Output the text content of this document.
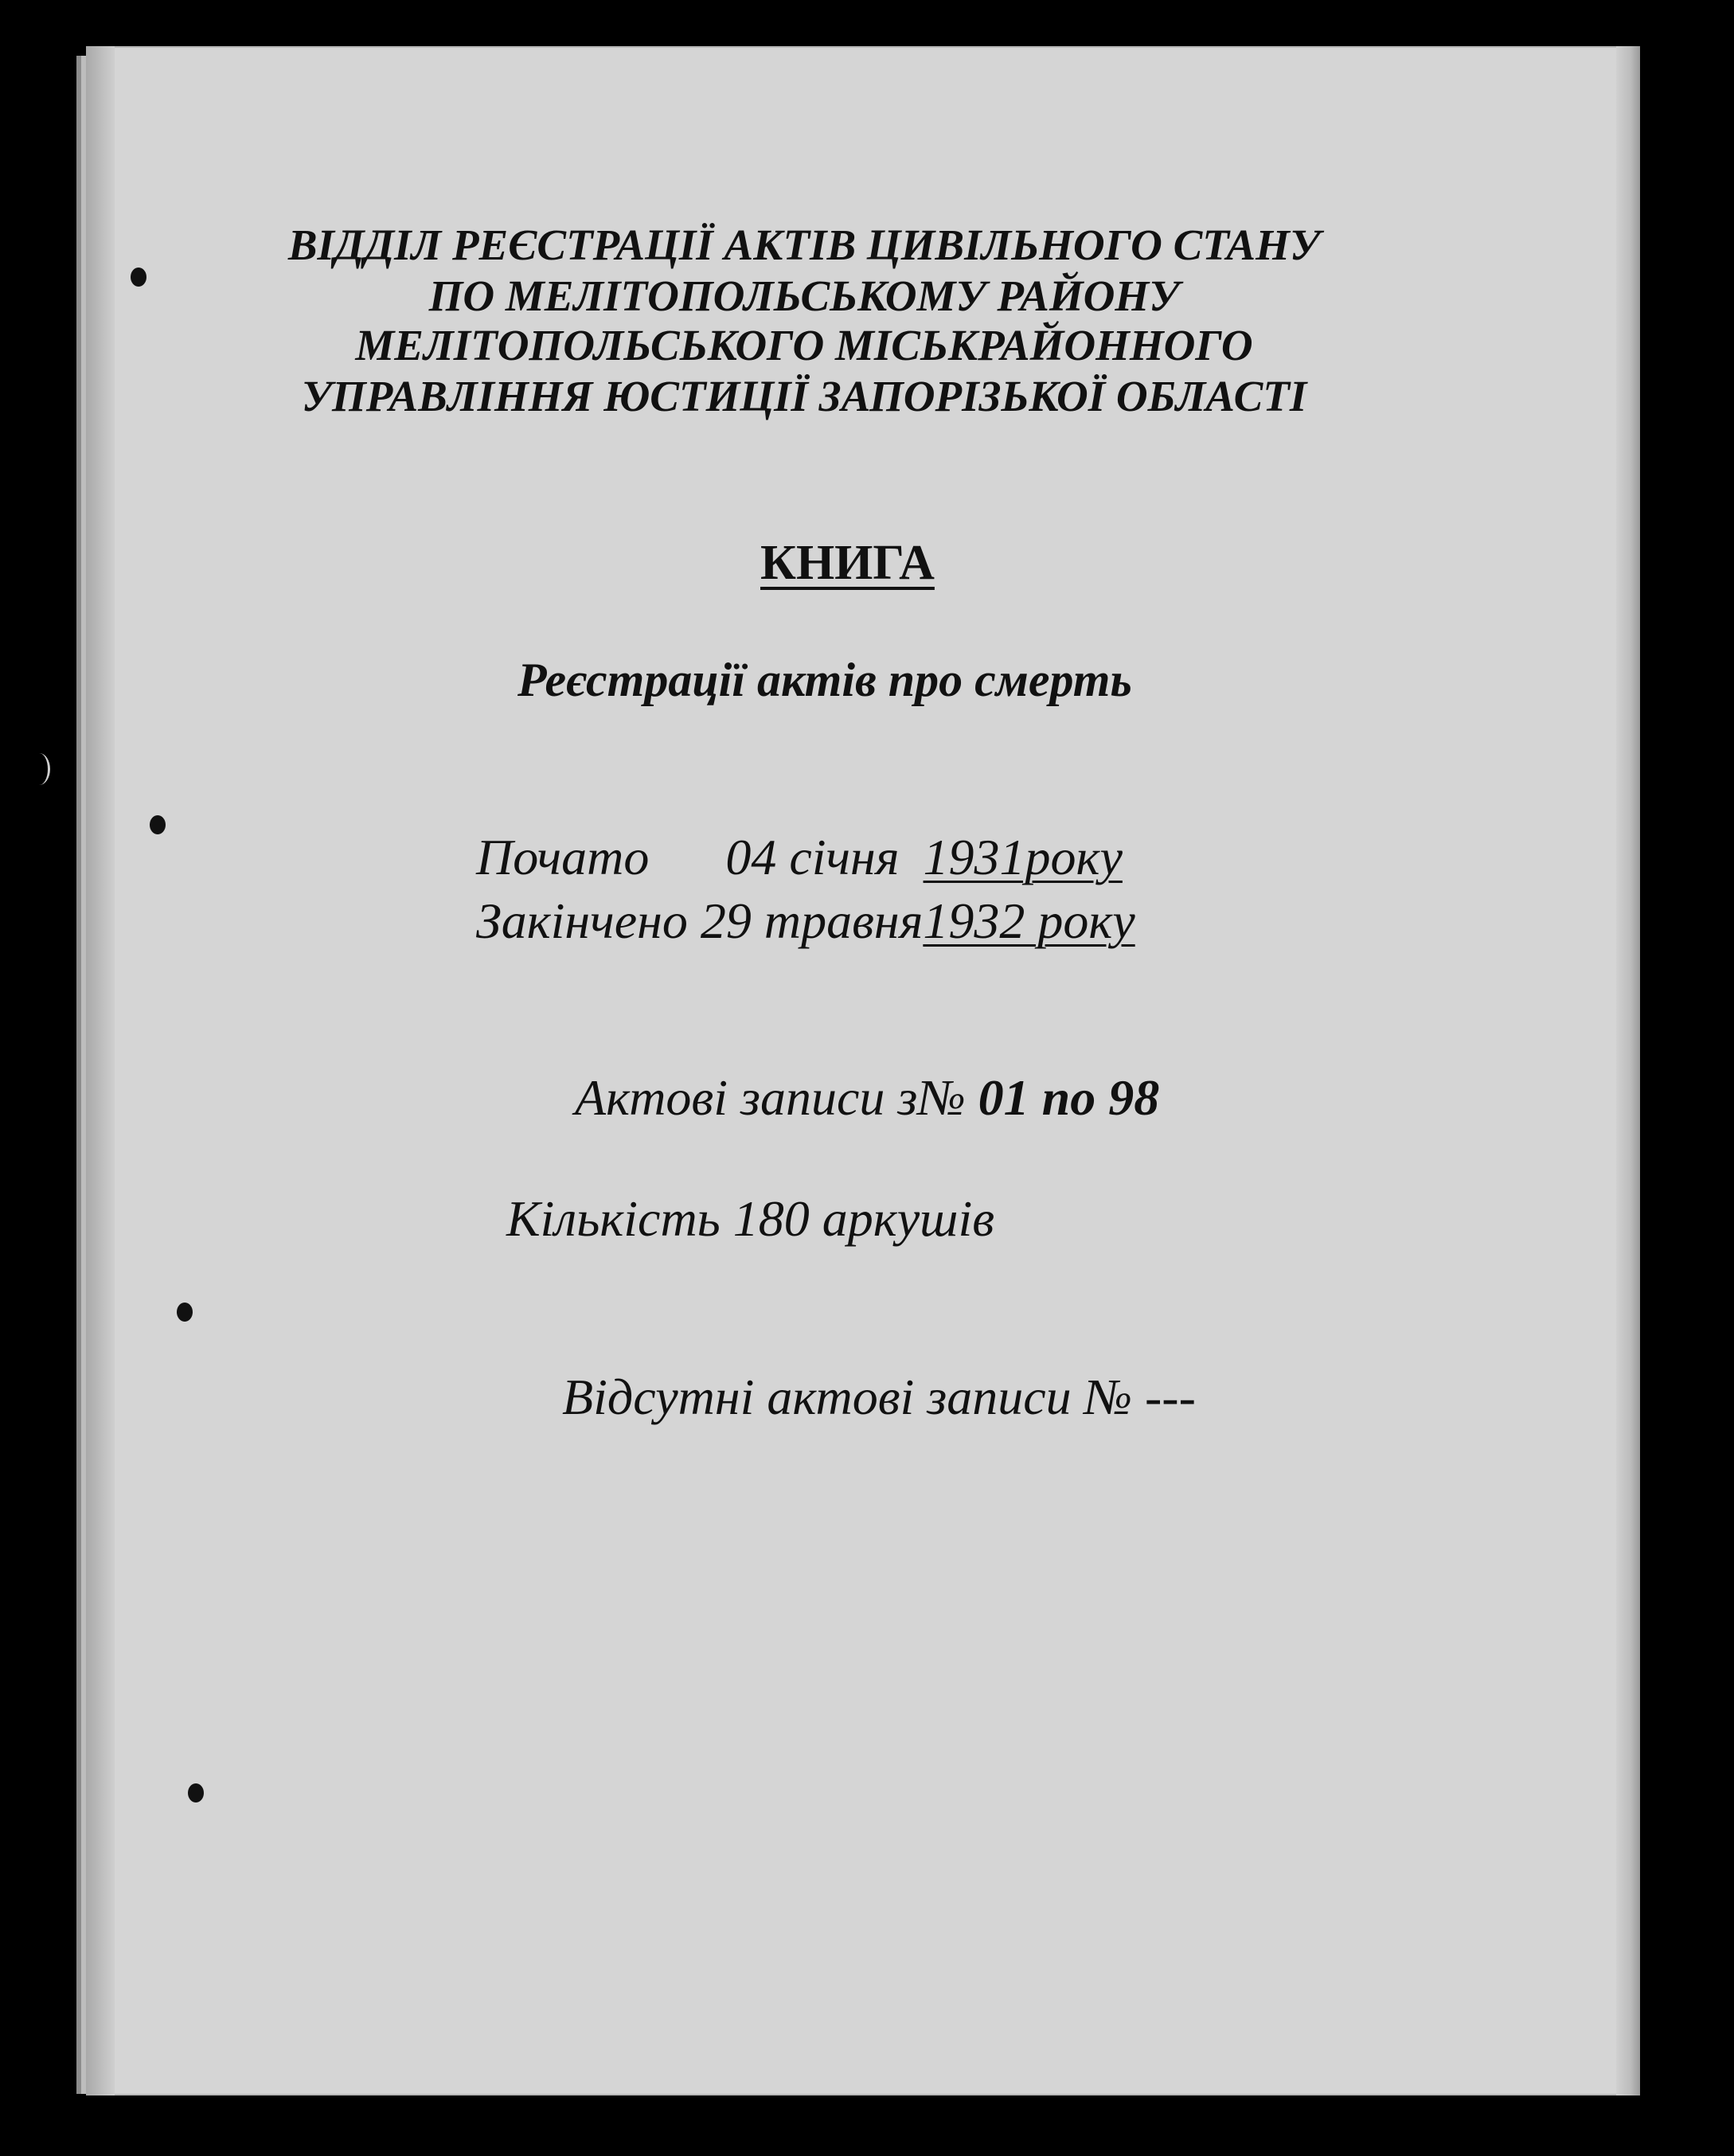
ВІДДІЛ РЕЄСТРАЦІЇ АКТІВ ЦИВІЛЬНОГО СТАНУ
ПО МЕЛІТОПОЛЬСЬКОМУ РАЙОНУ
МЕЛІТОПОЛЬСЬКОГО МІСЬКРАЙОННОГО
УПРАВЛІННЯ ЮСТИЦІЇ ЗАПОРІЗЬКОЇ ОБЛАСТІ
КНИГА
Реєстрації актів про смерть
Почато 04 січня 1931року
Закінчено 29 травня1932 року
Актові записи з№ 01 по 98
Кількість 180 аркушів
Відсутні актові записи № ---
